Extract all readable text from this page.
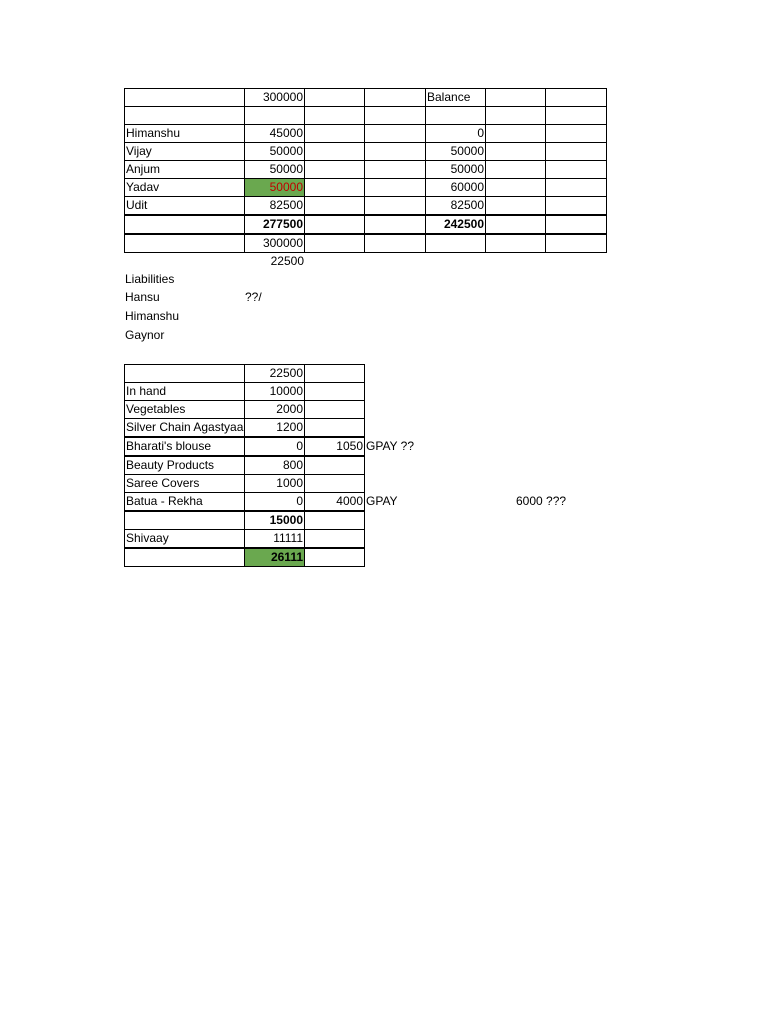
300000	Balance
Himanshu	45000	0
Vijay	50000	50000
Anjum	50000	50000
Yadav	50000	60000
Udit	82500	82500
277500	242500
300000
22500
Liabilities
Hansu	??/
Himanshu
Gaynor
22500
In hand	10000
Vegetables	2000
Silver Chain Agastyaa	1200
Bharati's blouse	0	1050 GPAY ??
Beauty Products	800
Saree Covers	1000
Batua - Rekha	0	4000 GPAY	6000 ???
15000
Shivaay	11111
26111
